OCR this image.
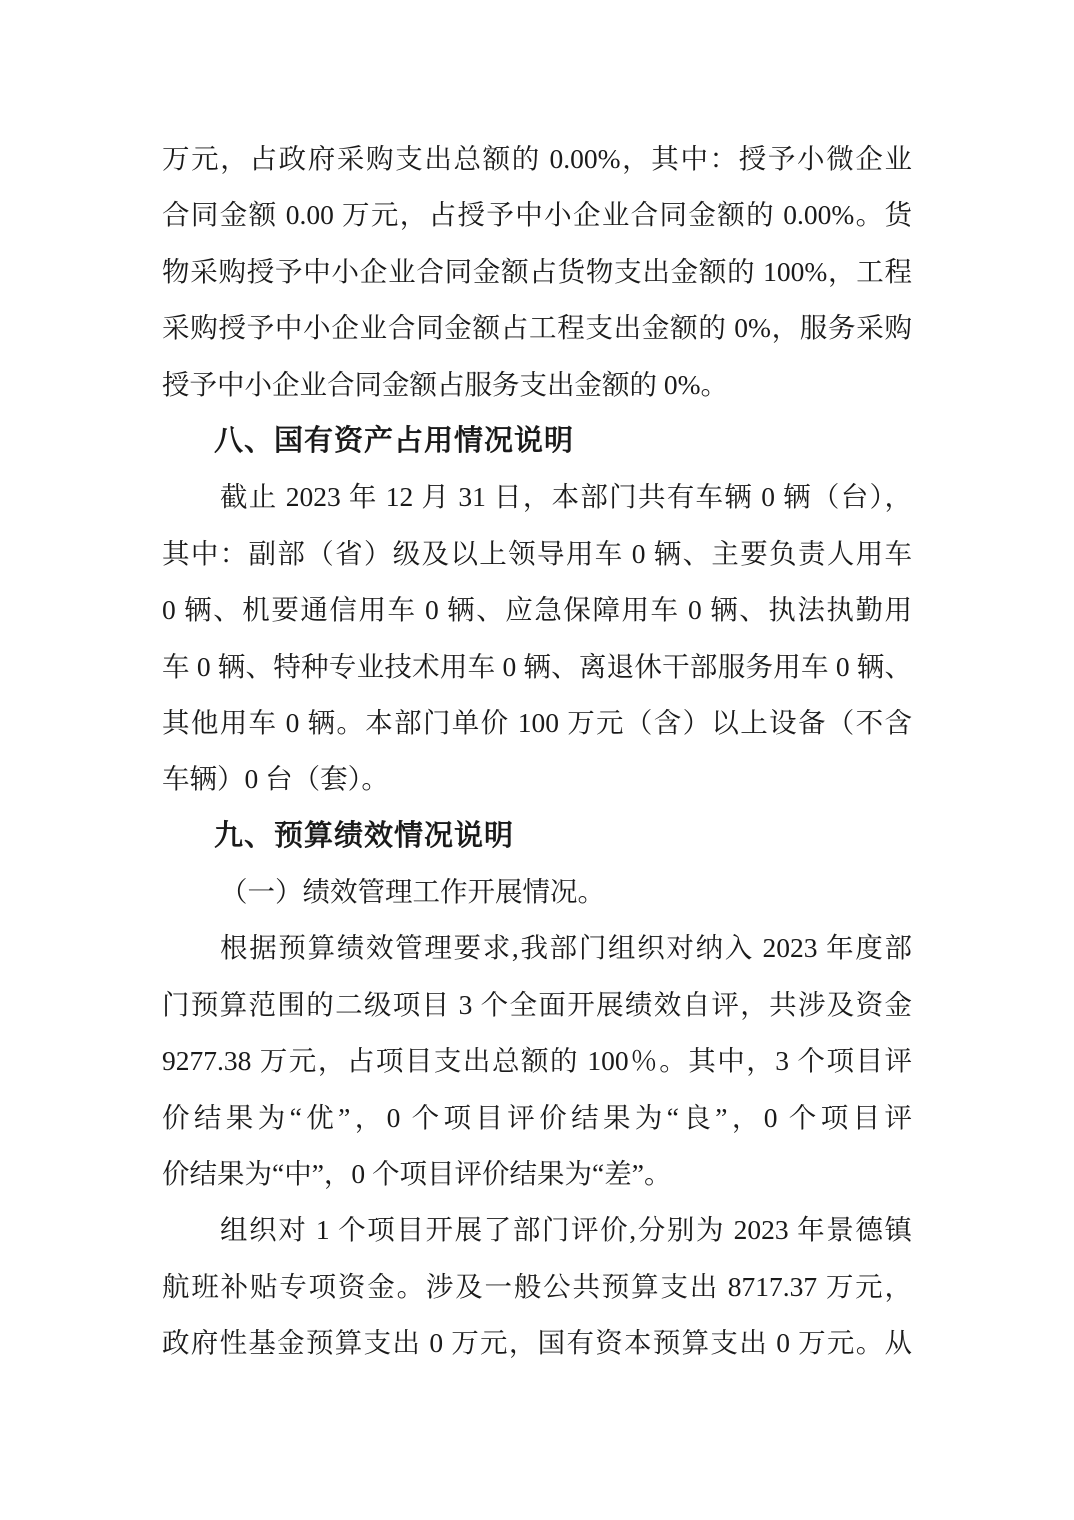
万元，占政府采购支出总额的 0.00%，其中：授予小微企业
合同金额 0.00 万元，占授予中小企业合同金额的 0.00%。货
物采购授予中小企业合同金额占货物支出金额的 100%，工程
采购授予中小企业合同金额占工程支出金额的 0%，服务采购
授予中小企业合同金额占服务支出金额的 0%。
八、国有资产占用情况说明
截止 2023 年 12 月 31 日，本部门共有车辆 0 辆（台），
其中：副部（省）级及以上领导用车 0 辆、主要负责人用车
0 辆、机要通信用车 0 辆、应急保障用车 0 辆、执法执勤用
车 0 辆、特种专业技术用车 0 辆、离退休干部服务用车 0 辆、
其他用车 0 辆。本部门单价 100 万元（含）以上设备（不含
车辆）0 台（套）。
九、预算绩效情况说明
（一）绩效管理工作开展情况。
根据预算绩效管理要求,我部门组织对纳入 2023 年度部
门预算范围的二级项目 3 个全面开展绩效自评，共涉及资金
9277.38 万元，占项目支出总额的 100％。其中，3 个项目评
价结果为“优”，0 个项目评价结果为“良”，0 个项目评
价结果为“中”，0 个项目评价结果为“差”。
组织对 1 个项目开展了部门评价,分别为 2023 年景德镇
航班补贴专项资金。涉及一般公共预算支出 8717.37 万元，
政府性基金预算支出 0 万元，国有资本预算支出 0 万元。从
